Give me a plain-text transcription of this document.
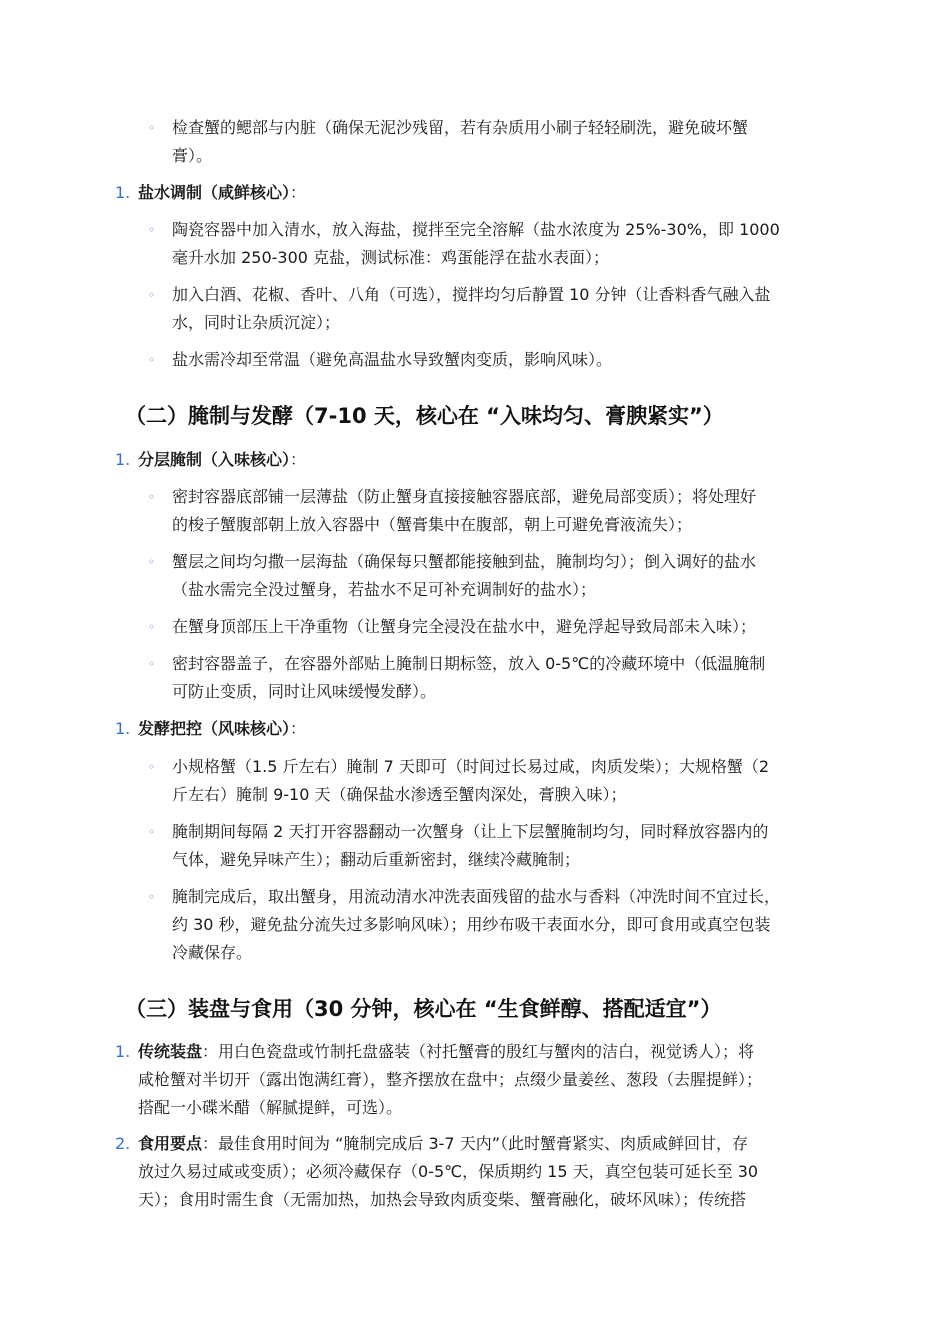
◦ 检查蟹的鳃部与内脏（确保无泥沙残留，若有杂质用小刷子轻轻刷洗，避免破坏蟹
膏）。
1. 盐水调制（咸鲜核心）：
◦ 陶瓷容器中加入清水，放入海盐，搅拌至完全溶解（盐水浓度为 25%-30%，即 1000
毫升水加 250-300 克盐，测试标准：鸡蛋能浮在盐水表面）；
◦ 加入白酒、花椒、香叶、八角（可选），搅拌均匀后静置 10 分钟（让香料香气融入盐
水，同时让杂质沉淀）；
◦ 盐水需冷却至常温（避免高温盐水导致蟹肉变质，影响风味）。
（二）腌制与发酵（7-10 天，核心在 “入味均匀、膏腴紧实”）
1. 分层腌制（入味核心）：
◦ 密封容器底部铺一层薄盐（防止蟹身直接接触容器底部，避免局部变质）；将处理好
的梭子蟹腹部朝上放入容器中（蟹膏集中在腹部，朝上可避免膏液流失）；
◦ 蟹层之间均匀撒一层海盐（确保每只蟹都能接触到盐，腌制均匀）；倒入调好的盐水
（盐水需完全没过蟹身，若盐水不足可补充调制好的盐水）；
◦ 在蟹身顶部压上干净重物（让蟹身完全浸没在盐水中，避免浮起导致局部未入味）；
◦ 密封容器盖子，在容器外部贴上腌制日期标签，放入 0-5℃的冷藏环境中（低温腌制
可防止变质，同时让风味缓慢发酵）。
1. 发酵把控（风味核心）：
◦ 小规格蟹（1.5 斤左右）腌制 7 天即可（时间过长易过咸，肉质发柴）；大规格蟹（2
斤左右）腌制 9-10 天（确保盐水渗透至蟹肉深处，膏腴入味）；
◦ 腌制期间每隔 2 天打开容器翻动一次蟹身（让上下层蟹腌制均匀，同时释放容器内的
气体，避免异味产生）；翻动后重新密封，继续冷藏腌制；
◦ 腌制完成后，取出蟹身，用流动清水冲洗表面残留的盐水与香料（冲洗时间不宜过长，
约 30 秒，避免盐分流失过多影响风味）；用纱布吸干表面水分，即可食用或真空包装
冷藏保存。
（三）装盘与食用（30 分钟，核心在 “生食鲜醇、搭配适宜”）
1. 传统装盘：用白色瓷盘或竹制托盘盛装（衬托蟹膏的殷红与蟹肉的洁白，视觉诱人）；将
咸枪蟹对半切开（露出饱满红膏），整齐摆放在盘中；点缀少量姜丝、葱段（去腥提鲜）；
搭配一小碟米醋（解腻提鲜，可选）。
2. 食用要点：最佳食用时间为 “腌制完成后 3-7 天内”（此时蟹膏紧实、肉质咸鲜回甘，存
放过久易过咸或变质）；必须冷藏保存（0-5℃，保质期约 15 天，真空包装可延长至 30
天）；食用时需生食（无需加热，加热会导致肉质变柴、蟹膏融化，破坏风味）；传统搭
